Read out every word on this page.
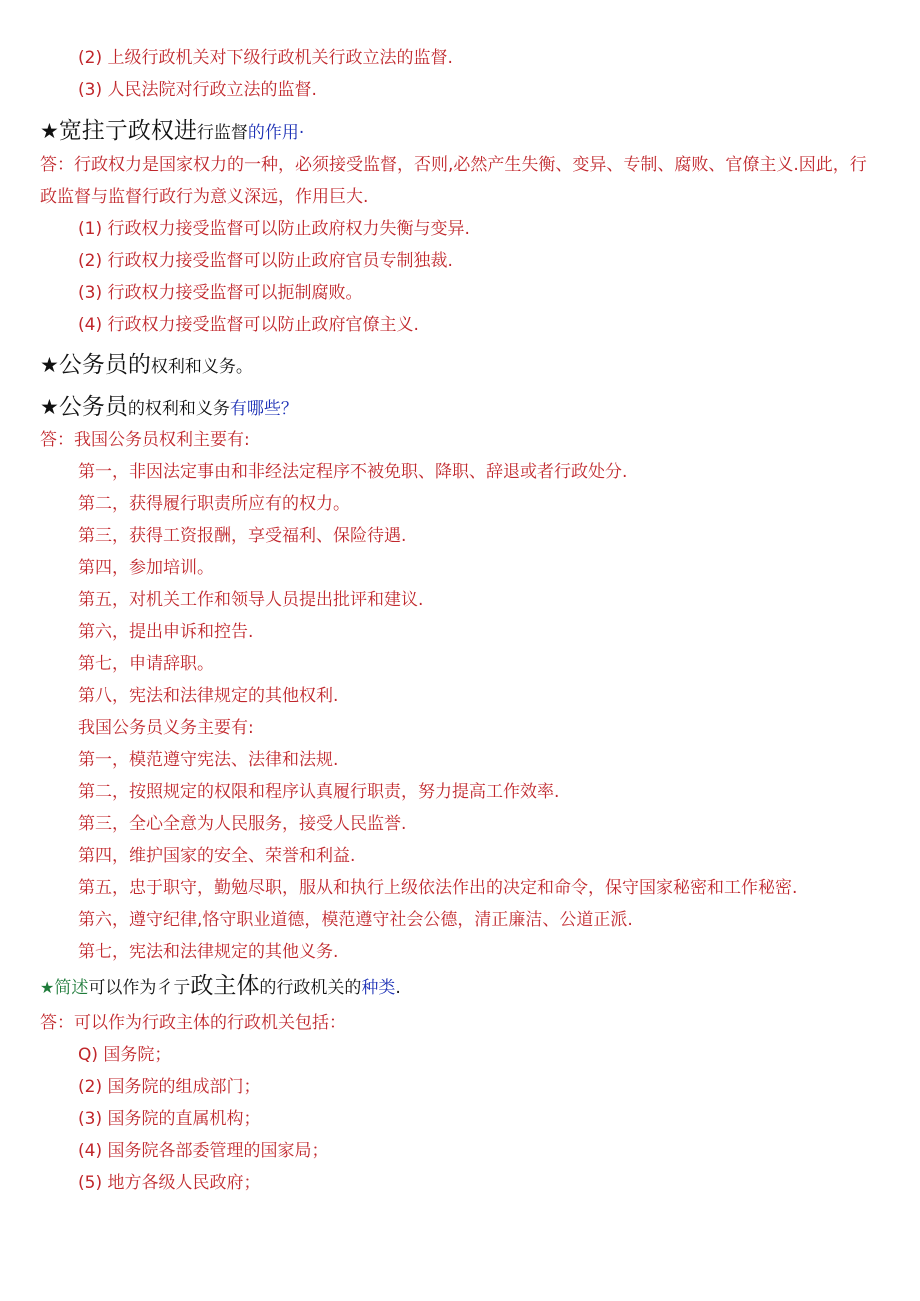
(2) 上级行政机关对下级行政机关行政立法的监督.
(3) 人民法院对行政立法的监督.
★宽拄亍政权进行监督的作用·
答：行政权力是国家权力的一种，必须接受监督，否则,必然产生失衡、变异、专制、腐败、官僚主义.因此，行
政监督与监督行政行为意义深远，作用巨大.
(1) 行政权力接受监督可以防止政府权力失衡与变异.
(2) 行政权力接受监督可以防止政府官员专制独裁.
(3) 行政权力接受监督可以扼制腐败。
(4) 行政权力接受监督可以防止政府官僚主义.
★公务员的权利和义务。
★公务员的权利和义务有哪些？
答：我国公务员权利主要有:
第一，非因法定事由和非经法定程序不被免职、降职、辞退或者行政处分.
第二，获得履行职责所应有的权力。
第三，获得工资报酬，享受福利、保险待遇.
第四，参加培训。
第五，对机关工作和领导人员提出批评和建议.
第六，提出申诉和控告.
第七，申请辞职。
第八，宪法和法律规定的其他权利.
我国公务员义务主要有:
第一，模范遵守宪法、法律和法规.
第二，按照规定的权限和程序认真履行职责，努力提高工作效率.
第三，全心全意为人民服务，接受人民监誉.
第四，维护国家的安全、荣誉和利益.
第五，忠于职守，勤勉尽职，服从和执行上级依法作出的决定和命令，保守国家秘密和工作秘密.
第六，遵守纪律,恪守职业道德，模范遵守社会公德，清正廉洁、公道正派.
第七，宪法和法律规定的其他义务.
★简述可以作为彳亍政主体的行政机关的种类.
答：可以作为行政主体的行政机关包括：
Q) 国务院；
(2) 国务院的组成部门；
(3) 国务院的直属机构；
(4) 国务院各部委管理的国家局；
(5) 地方各级人民政府；
